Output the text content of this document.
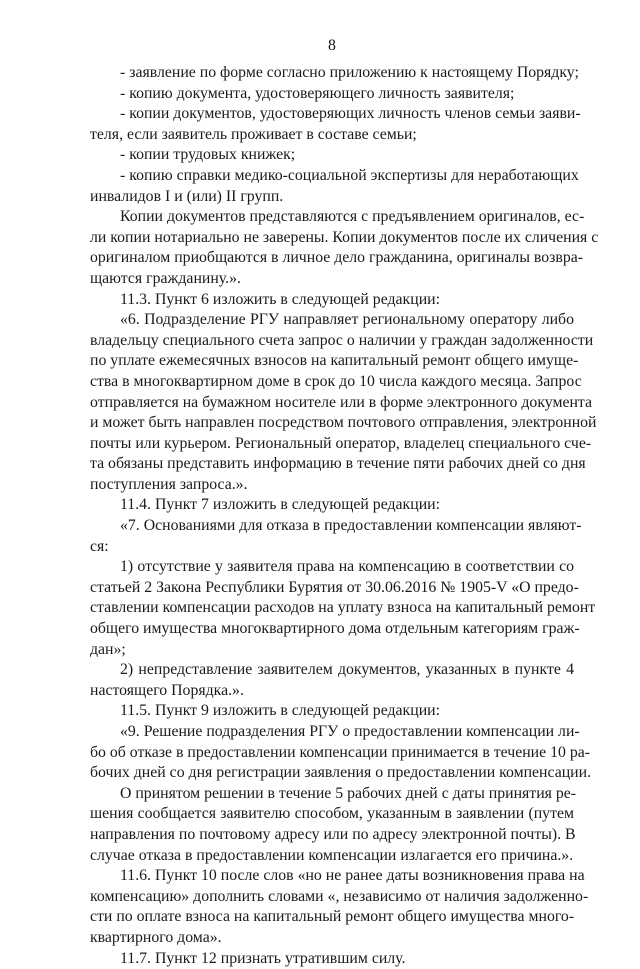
8
- заявление по форме согласно приложению к настоящему Порядку;
- копию документа, удостоверяющего личность заявителя;
- копии документов, удостоверяющих личность членов семьи заяви-
теля, если заявитель проживает в составе семьи;
- копии трудовых книжек;
- копию справки медико-социальной экспертизы для неработающих
инвалидов I и (или) II групп.
Копии документов представляются с предъявлением оригиналов, ес-
ли копии нотариально не заверены. Копии документов после их сличения с
оригиналом приобщаются в личное дело гражданина, оригиналы возвра-
щаются гражданину.».
11.3. Пункт 6 изложить в следующей редакции:
«6. Подразделение РГУ направляет региональному оператору либо
владельцу специального счета запрос о наличии у граждан задолженности
по уплате ежемесячных взносов на капитальный ремонт общего имуще-
ства в многоквартирном доме в срок до 10 числа каждого месяца. Запрос
отправляется на бумажном носителе или в форме электронного документа
и может быть направлен посредством почтового отправления, электронной
почты или курьером. Региональный оператор, владелец специального сче-
та обязаны представить информацию в течение пяти рабочих дней со дня
поступления запроса.».
11.4. Пункт 7 изложить в следующей редакции:
«7. Основаниями для отказа в предоставлении компенсации являют-
ся:
1) отсутствие у заявителя права на компенсацию в соответствии со
статьей 2 Закона Республики Бурятия от 30.06.2016 № 1905-V «О предо-
ставлении компенсации расходов на уплату взноса на капитальный ремонт
общего имущества многоквартирного дома отдельным категориям граж-
дан»;
2) непредставление заявителем документов, указанных в пункте 4
настоящего Порядка.».
11.5. Пункт 9 изложить в следующей редакции:
«9. Решение подразделения РГУ о предоставлении компенсации ли-
бо об отказе в предоставлении компенсации принимается в течение 10 ра-
бочих дней со дня регистрации заявления о предоставлении компенсации.
О принятом решении в течение 5 рабочих дней с даты принятия ре-
шения сообщается заявителю способом, указанным в заявлении (путем
направления по почтовому адресу или по адресу электронной почты). В
случае отказа в предоставлении компенсации излагается его причина.».
11.6. Пункт 10 после слов «но не ранее даты возникновения права на
компенсацию» дополнить словами «, независимо от наличия задолженно-
сти по оплате взноса на капитальный ремонт общего имущества много-
квартирного дома».
11.7. Пункт 12 признать утратившим силу.
